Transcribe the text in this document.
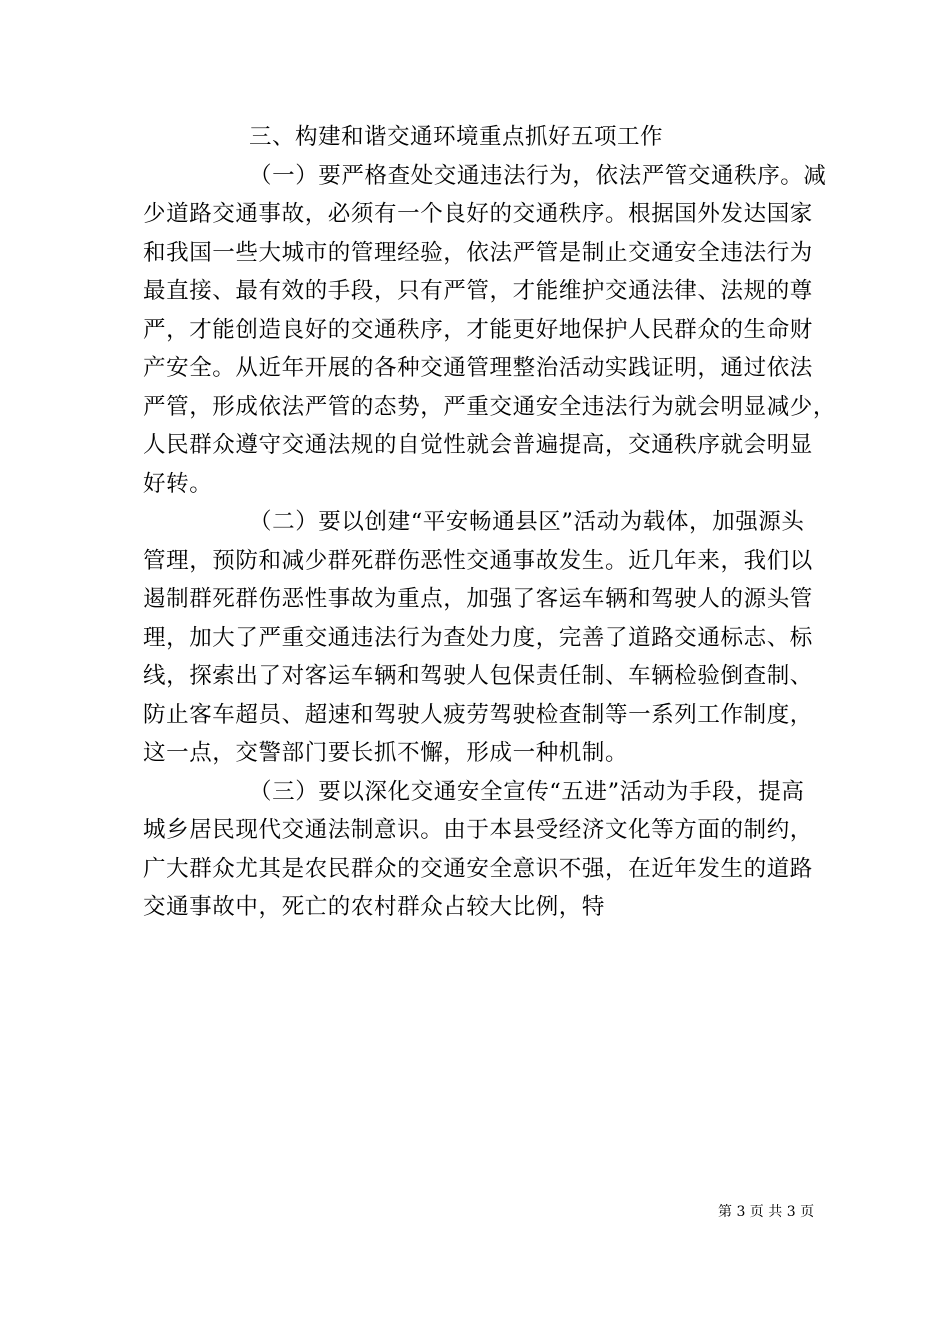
三、构建和谐交通环境重点抓好五项工作

（一）要严格查处交通违法行为，依法严管交通秩序。减
少道路交通事故，必须有一个良好的交通秩序。根据国外发达国家
和我国一些大城市的管理经验，依法严管是制止交通安全违法行为
最直接、最有效的手段，只有严管，才能维护交通法律、法规的尊
严，才能创造良好的交通秩序，才能更好地保护人民群众的生命财
产安全。从近年开展的各种交通管理整治活动实践证明，通过依法
严管，形成依法严管的态势，严重交通安全违法行为就会明显减少，
人民群众遵守交通法规的自觉性就会普遍提高，交通秩序就会明显
好转。

（二）要以创建“平安畅通县区”活动为载体，加强源头
管理，预防和减少群死群伤恶性交通事故发生。近几年来，我们以
遏制群死群伤恶性事故为重点，加强了客运车辆和驾驶人的源头管
理，加大了严重交通违法行为查处力度，完善了道路交通标志、标
线，探索出了对客运车辆和驾驶人包保责任制、车辆检验倒查制、
防止客车超员、超速和驾驶人疲劳驾驶检查制等一系列工作制度，
这一点，交警部门要长抓不懈，形成一种机制。

（三）要以深化交通安全宣传“五进”活动为手段，提高
城乡居民现代交通法制意识。由于本县受经济文化等方面的制约，
广大群众尤其是农民群众的交通安全意识不强，在近年发生的道路
交通事故中，死亡的农村群众占较大比例，特

第 3 页 共 3 页
